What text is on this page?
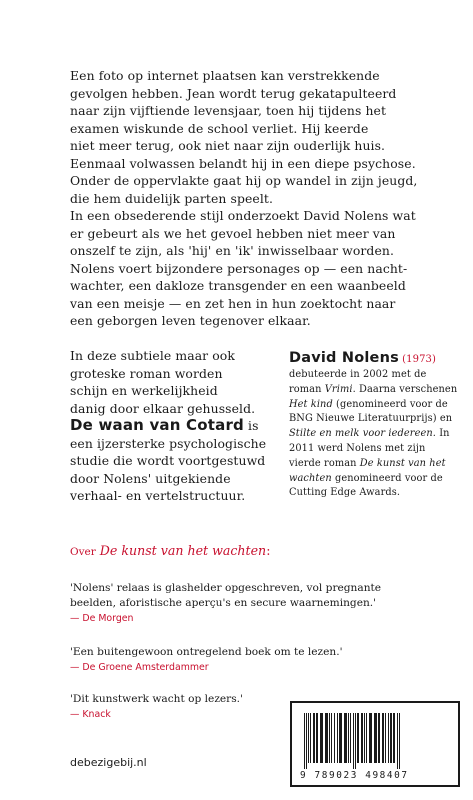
Een foto op internet plaatsen kan verstrekkende
gevolgen hebben. Jean wordt terug gekatapulteerd
naar zijn vijftiende levensjaar, toen hij tijdens het
examen wiskunde de school verliet. Hij keerde
niet meer terug, ook niet naar zijn ouderlijk huis.
Eenmaal volwassen belandt hij in een diepe psychose.
Onder de oppervlakte gaat hij op wandel in zijn jeugd,
die hem duidelijk parten speelt.

In een obsederende stijl onderzoekt David Nolens wat
er gebeurt als we het gevoel hebben niet meer van
onszelf te zijn, als 'hij' en 'ik' inwisselbaar worden.
Nolens voert bijzondere personages op — een nacht-
wachter, een dakloze transgender en een waanbeeld
van een meisje — en zet hen in hun zoektocht naar
een geborgen leven tegenover elkaar.

In deze subtiele maar ook
groteske roman worden
schijn en werkelijkheid
danig door elkaar gehusseld.
De waan van Cotard is
een ijzersterke psychologische
studie die wordt voortgestuwd
door Nolens' uitgekiende
verhaal- en vertelstructuur.
David Nolens (1973)
debuteerde in 2002 met de roman Vrimi. Daarna verschenen Het kind (genomineerd voor de BNG Nieuwe Literatuurprijs) en Stilte en melk voor iedereen. In 2011 werd Nolens met zijn vierde roman De kunst van het wachten genomineerd voor de Cutting Edge Awards.
Over De kunst van het wachten:
'Nolens' relaas is glashelder opgeschreven, vol pregnante
beelden, aforistische aperçu's en secure waarnemingen.'
— De Morgen
'Een buitengewoon ontregelend boek om te lezen.'
— De Groene Amsterdammer
'Dit kunstwerk wacht op lezers.'
— Knack
debezigebij.nl
9 789023 498407
